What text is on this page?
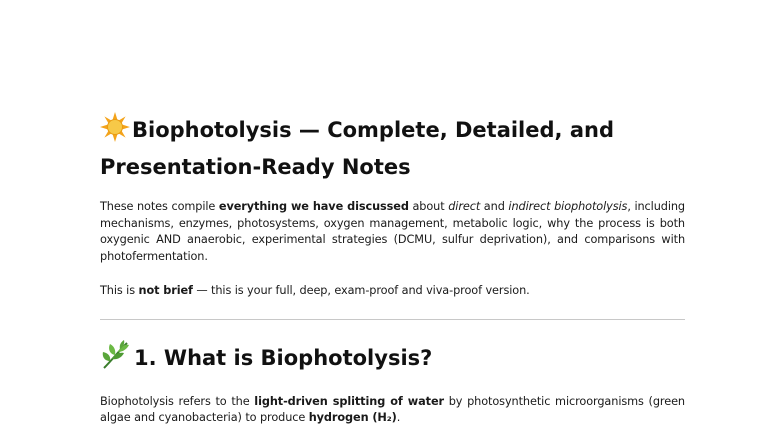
Biophotolysis — Complete, Detailed, and
Presentation-Ready Notes

These notes compile everything we have discussed about direct and indirect biophotolysis, including mechanisms, enzymes, photosystems, oxygen management, metabolic logic, why the process is both oxygenic AND anaerobic, experimental strategies (DCMU, sulfur deprivation), and comparisons with photofermentation.

This is not brief — this is your full, deep, exam-proof and viva-proof version.

1. What is Biophotolysis?

Biophotolysis refers to the light-driven splitting of water by photosynthetic microorganisms (green algae and cyanobacteria) to produce hydrogen (H₂).
